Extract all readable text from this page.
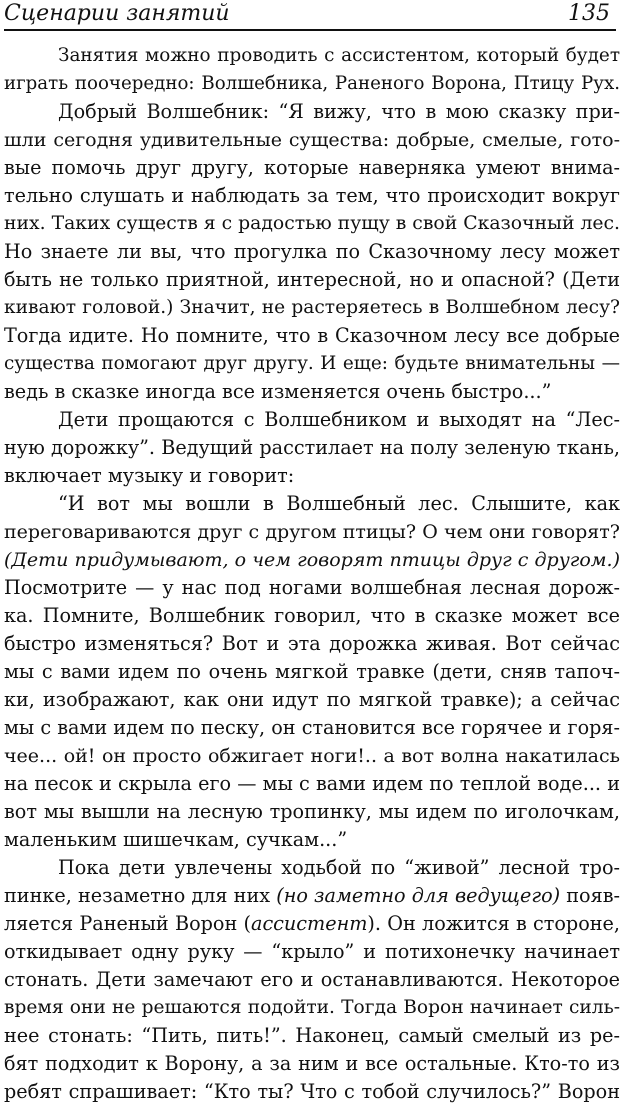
Сценарии занятий	135
Занятия можно проводить с ассистентом, который будет
играть поочередно: Волшебника, Раненого Ворона, Птицу Рух.
Добрый Волшебник: “Я вижу, что в мою сказку при-
шли сегодня удивительные существа: добрые, смелые, гото-
вые помочь друг другу, которые наверняка умеют внима-
тельно слушать и наблюдать за тем, что происходит вокруг
них. Таких существ я с радостью пущу в свой Сказочный лес.
Но знаете ли вы, что прогулка по Сказочному лесу может
быть не только приятной, интересной, но и опасной? (Дети
кивают головой.) Значит, не растеряетесь в Волшебном лесу?
Тогда идите. Но помните, что в Сказочном лесу все добрые
существа помогают друг другу. И еще: будьте внимательны —
ведь в сказке иногда все изменяется очень быстро...”
Дети прощаются с Волшебником и выходят на “Лес-
ную дорожку”. Ведущий расстилает на полу зеленую ткань,
включает музыку и говорит:
“И вот мы вошли в Волшебный лес. Слышите, как
переговариваются друг с другом птицы? О чем они говорят?
(Дети придумывают, о чем говорят птицы друг с другом.)
Посмотрите — у нас под ногами волшебная лесная дорож-
ка. Помните, Волшебник говорил, что в сказке может все
быстро изменяться? Вот и эта дорожка живая. Вот сейчас
мы с вами идем по очень мягкой травке (дети, сняв тапоч-
ки, изображают, как они идут по мягкой травке); а сейчас
мы с вами идем по песку, он становится все горячее и горя-
чее... ой! он просто обжигает ноги!.. а вот волна накатилась
на песок и скрыла его — мы с вами идем по теплой воде... и
вот мы вышли на лесную тропинку, мы идем по иголочкам,
маленьким шишечкам, сучкам...”
Пока дети увлечены ходьбой по “живой” лесной тро-
пинке, незаметно для них (но заметно для ведущего) появ-
ляется Раненый Ворон (ассистент). Он ложится в стороне,
откидывает одну руку — “крыло” и потихонечку начинает
стонать. Дети замечают его и останавливаются. Некоторое
время они не решаются подойти. Тогда Ворон начинает силь-
нее стонать: “Пить, пить!”. Наконец, самый смелый из ре-
бят подходит к Ворону, а за ним и все остальные. Кто-то из
ребят спрашивает: “Кто ты? Что с тобой случилось?” Ворон
